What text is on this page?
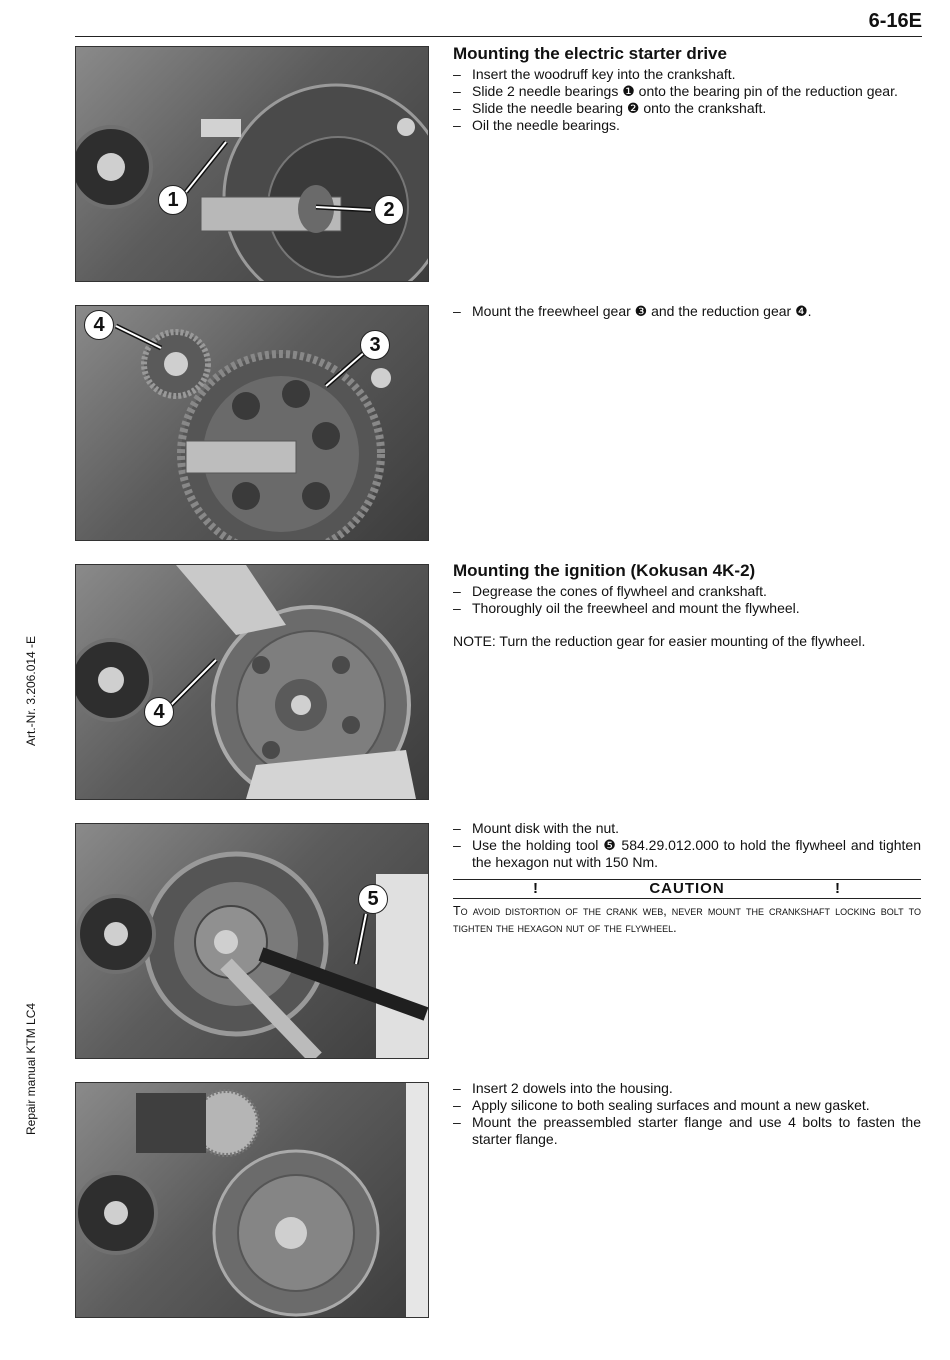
6-16E
Art.-Nr. 3.206.014 -E
Repair manual KTM LC4
1	2
4
3
4
5
Mounting the electric starter drive
– Insert the woodruff key into the crankshaft.
– Slide 2 needle bearings ❶ onto the bearing pin of the reduction gear.
– Slide the needle bearing ❷ onto the crankshaft.
– Oil the needle bearings.
– Mount the freewheel gear ❸ and the reduction gear ❹.
Mounting the ignition (Kokusan 4K-2)
– Degrease the cones of flywheel and crankshaft.
– Thoroughly oil the freewheel and mount the flywheel.
NOTE: Turn the reduction gear for easier mounting of the flywheel.
– Mount disk with the nut.
– Use the holding tool ❺ 584.29.012.000 to hold the flywheel and tighten the hexagon nut with 150 Nm.
!	CAUTION	!
To avoid distortion of the crank web, never mount the crankshaft locking bolt to tighten the hexagon nut of the flywheel.
– Insert 2 dowels into the housing.
– Apply silicone to both sealing surfaces and mount a new gasket.
– Mount the preassembled starter flange and use 4 bolts to fasten the starter flange.
